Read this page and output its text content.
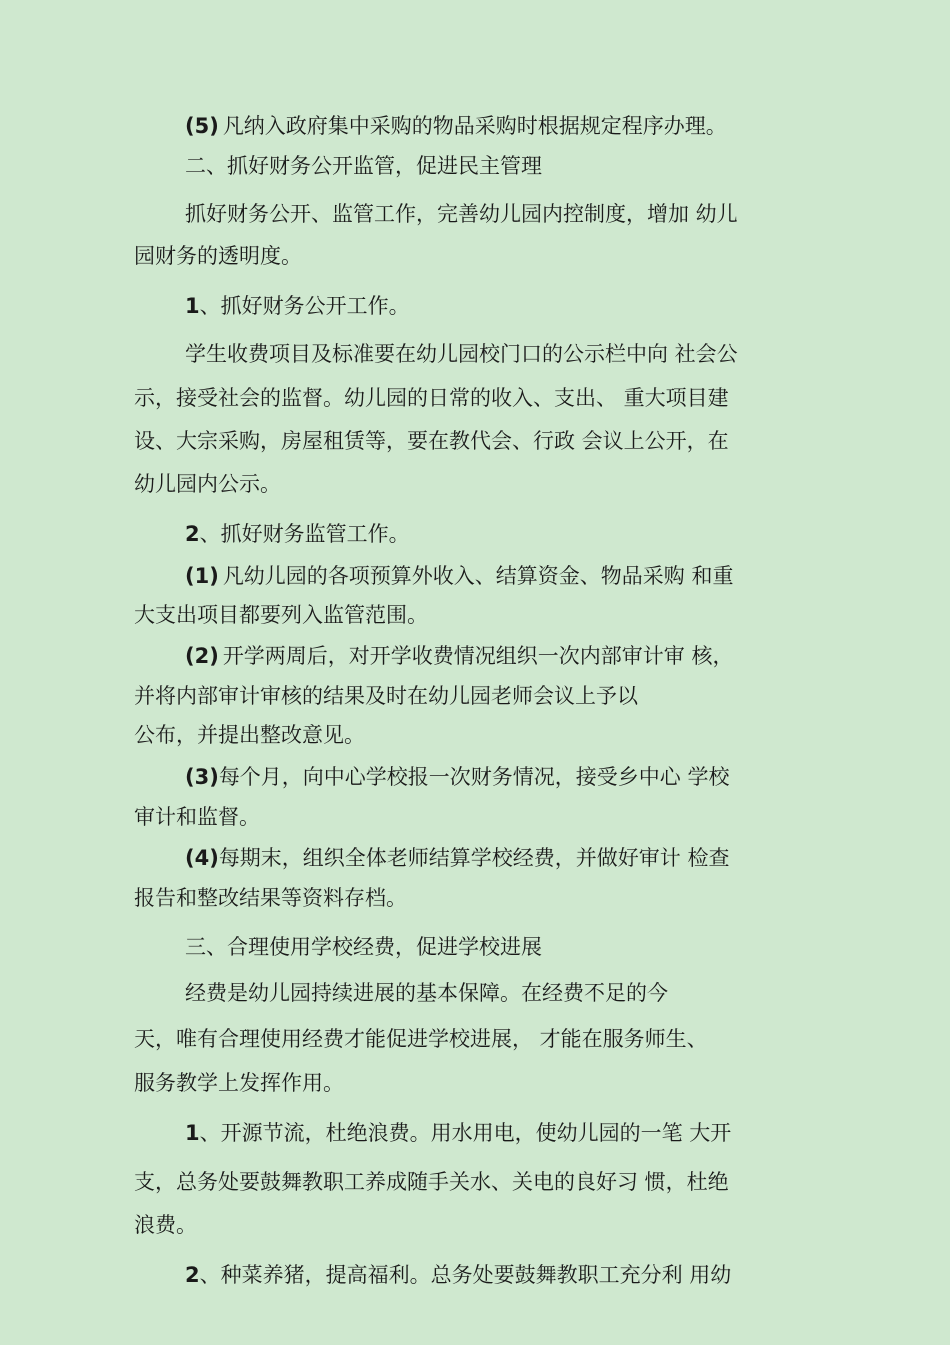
(5) 凡纳入政府集中采购的物品采购时根据规定程序办理。
二、抓好财务公开监管，促进民主管理
抓好财务公开、监管工作，完善幼儿园内控制度，增加 幼儿
园财务的透明度。
1、抓好财务公开工作。
学生收费项目及标准要在幼儿园校门口的公示栏中向 社会公
示，接受社会的监督。幼儿园的日常的收入、支出、 重大项目建
设、大宗采购，房屋租赁等，要在教代会、行政 会议上公开，在
幼儿园内公示。
2、抓好财务监管工作。
(1) 凡幼儿园的各项预算外收入、结算资金、物品采购 和重
大支出项目都要列入监管范围。
(2) 开学两周后，对开学收费情况组织一次内部审计审 核，
并将内部审计审核的结果及时在幼儿园老师会议上予以
公布，并提出整改意见。
(3)每个月，向中心学校报一次财务情况，接受乡中心 学校
审计和监督。
(4)每期末，组织全体老师结算学校经费，并做好审计 检查
报告和整改结果等资料存档。
三、合理使用学校经费，促进学校进展
经费是幼儿园持续进展的基本保障。在经费不足的今
天，唯有合理使用经费才能促进学校进展， 才能在服务师生、
服务教学上发挥作用。
1、开源节流，杜绝浪费。用水用电，使幼儿园的一笔 大开
支，总务处要鼓舞教职工养成随手关水、关电的良好习 惯，杜绝
浪费。
2、种菜养猪，提高福利。总务处要鼓舞教职工充分利 用幼
